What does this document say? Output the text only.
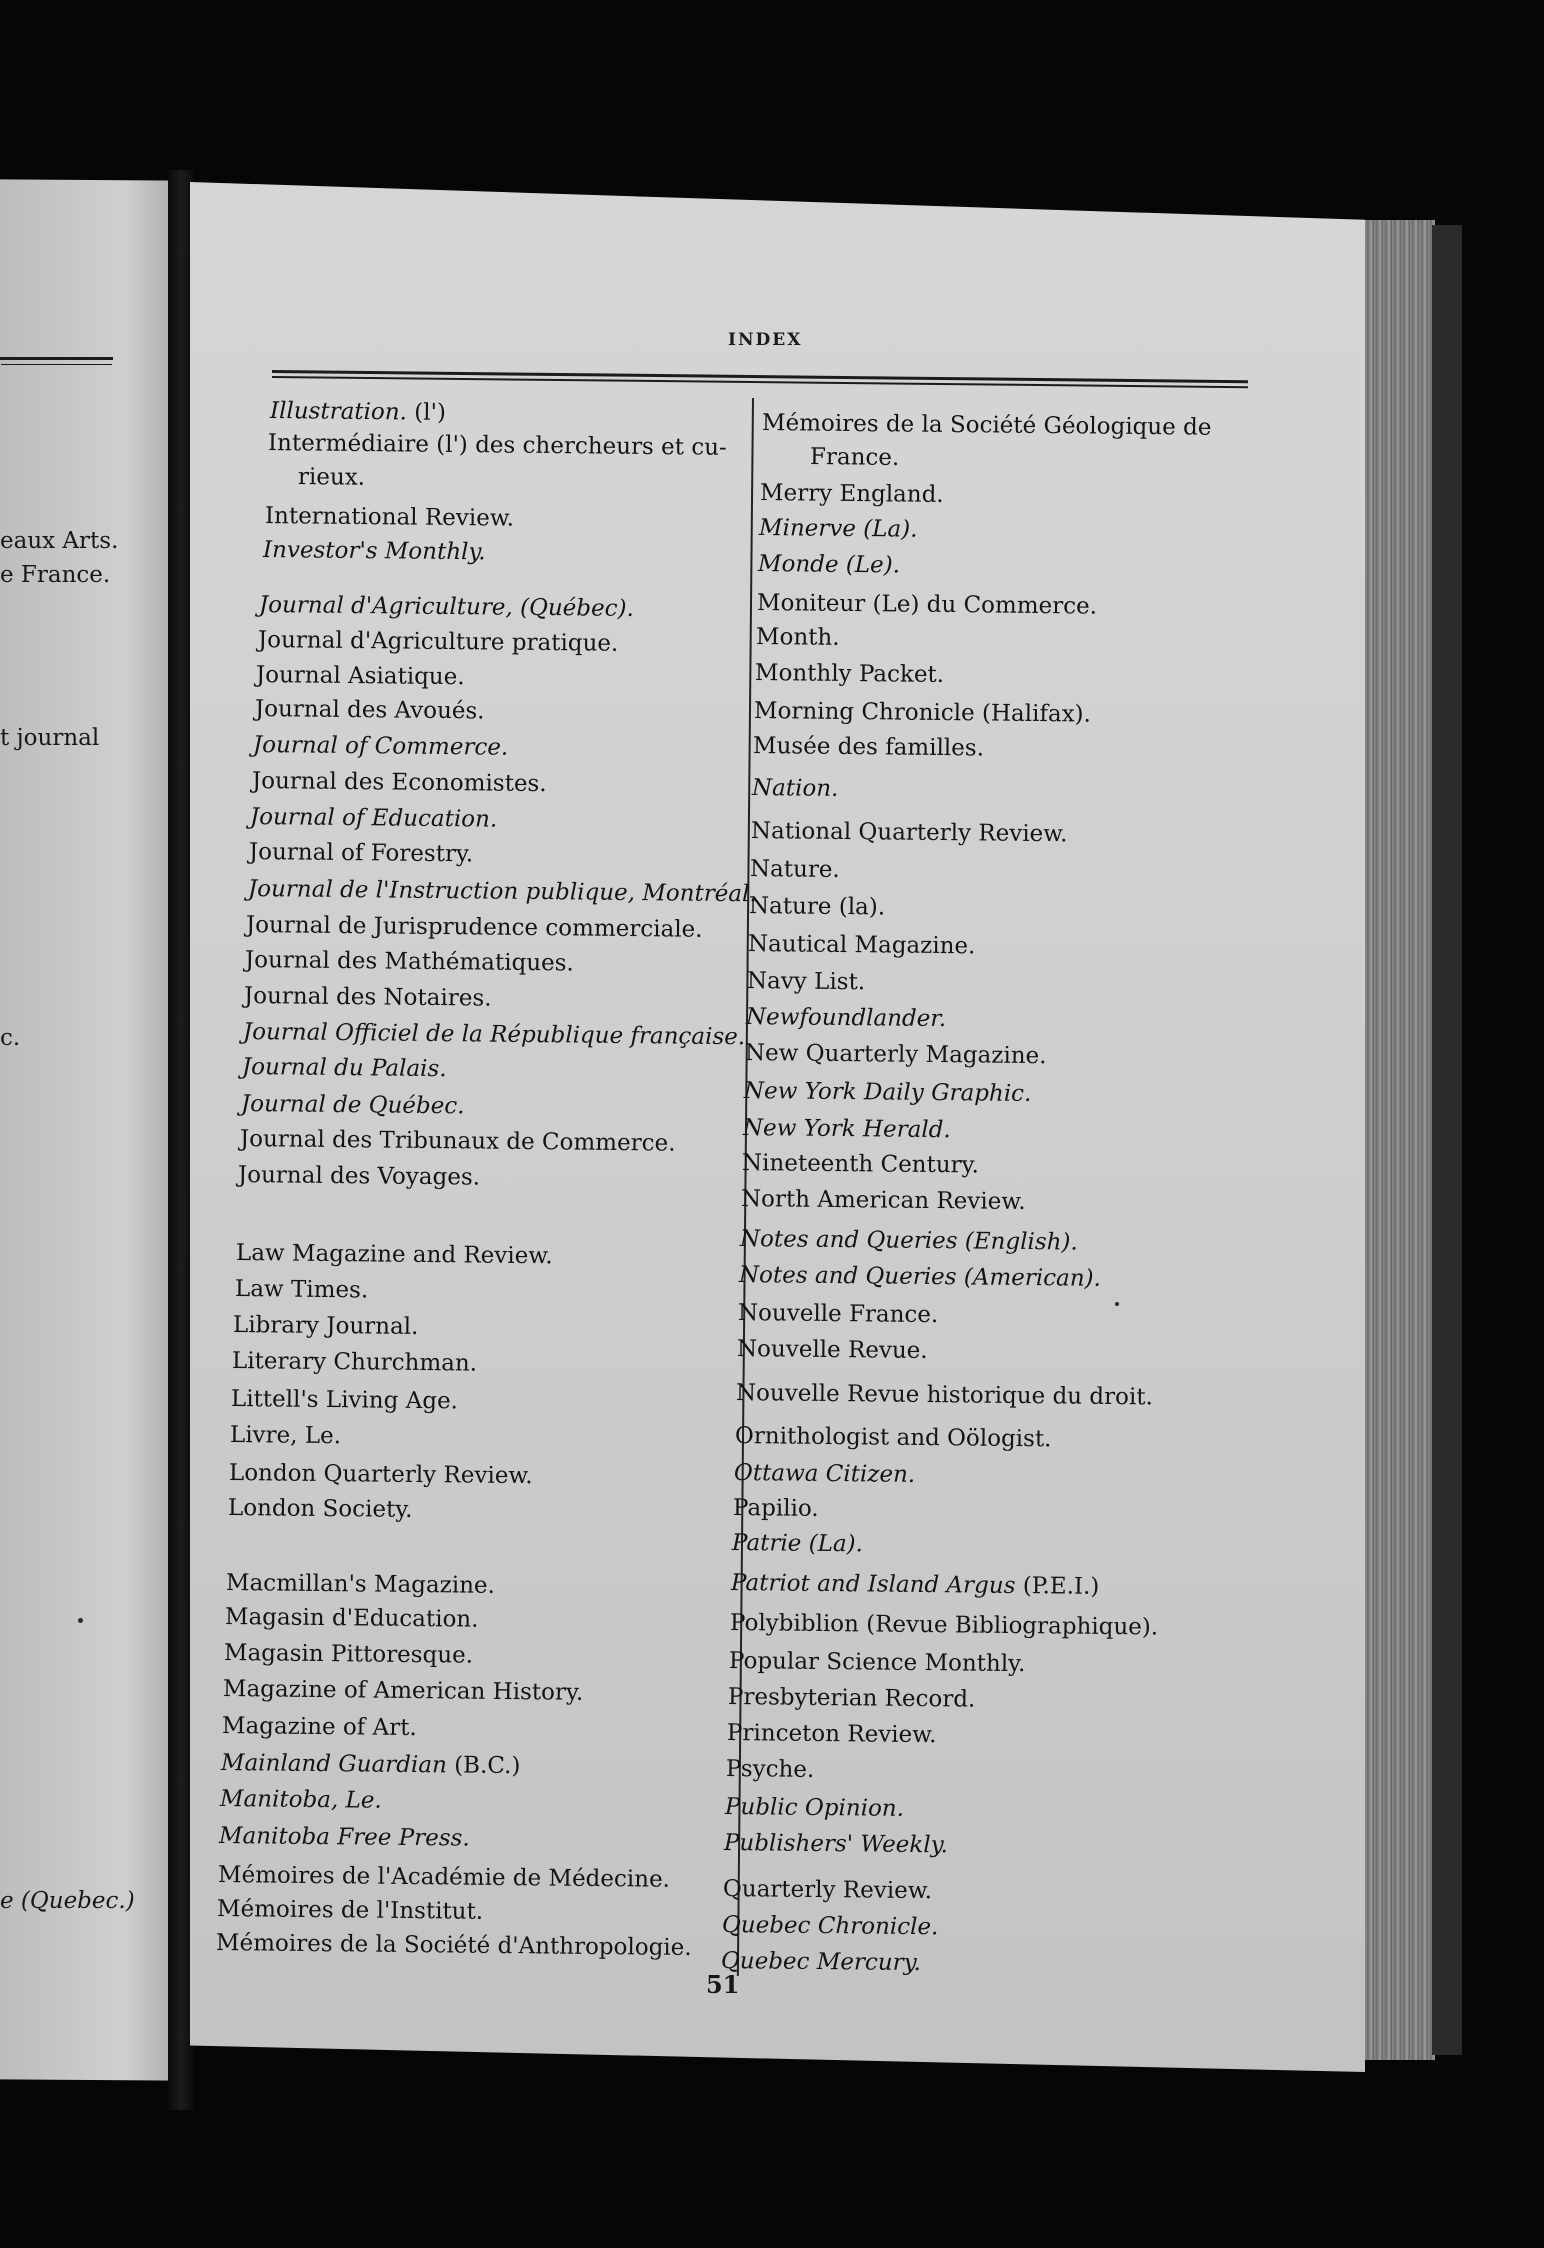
eaux Arts.
e France.
t journal
c.
e (Quebec.)
INDEX
Illustration. (l')
Intermédiaire (l') des chercheurs et cu-
rieux.
International Review.
Investor's Monthly.
Journal d'Agriculture, (Québec).
Journal d'Agriculture pratique.
Journal Asiatique.
Journal des Avoués.
Journal of Commerce.
Journal des Economistes.
Journal of Education.
Journal of Forestry.
Journal de l'Instruction publique, Montréal.
Journal de Jurisprudence commerciale.
Journal des Mathématiques.
Journal des Notaires.
Journal Officiel de la République française.
Journal du Palais.
Journal de Québec.
Journal des Tribunaux de Commerce.
Journal des Voyages.
Law Magazine and Review.
Law Times.
Library Journal.
Literary Churchman.
Littell's Living Age.
Livre, Le.
London Quarterly Review.
London Society.
Macmillan's Magazine.
Magasin d'Education.
Magasin Pittoresque.
Magazine of American History.
Magazine of Art.
Mainland Guardian (B.C.)
Manitoba, Le.
Manitoba Free Press.
Mémoires de l'Académie de Médecine.
Mémoires de l'Institut.
Mémoires de la Société d'Anthropologie.
Mémoires de la Société Géologique de
France.
Merry England.
Minerve (La).
Monde (Le).
Moniteur (Le) du Commerce.
Month.
Monthly Packet.
Morning Chronicle (Halifax).
Musée des familles.
Nation.
National Quarterly Review.
Nature.
Nature (la).
Nautical Magazine.
Navy List.
Newfoundlander.
New Quarterly Magazine.
New York Daily Graphic.
New York Herald.
Nineteenth Century.
North American Review.
Notes and Queries (English).
Notes and Queries (American).
Nouvelle France.
Nouvelle Revue.
Nouvelle Revue historique du droit.
Ornithologist and Oölogist.
Ottawa Citizen.
Papilio.
Patrie (La).
Patriot and Island Argus (P.E.I.)
Polybiblion (Revue Bibliographique).
Popular Science Monthly.
Presbyterian Record.
Princeton Review.
Psyche.
Public Opinion.
Publishers' Weekly.
Quarterly Review.
Quebec Chronicle.
Quebec Mercury.
51
